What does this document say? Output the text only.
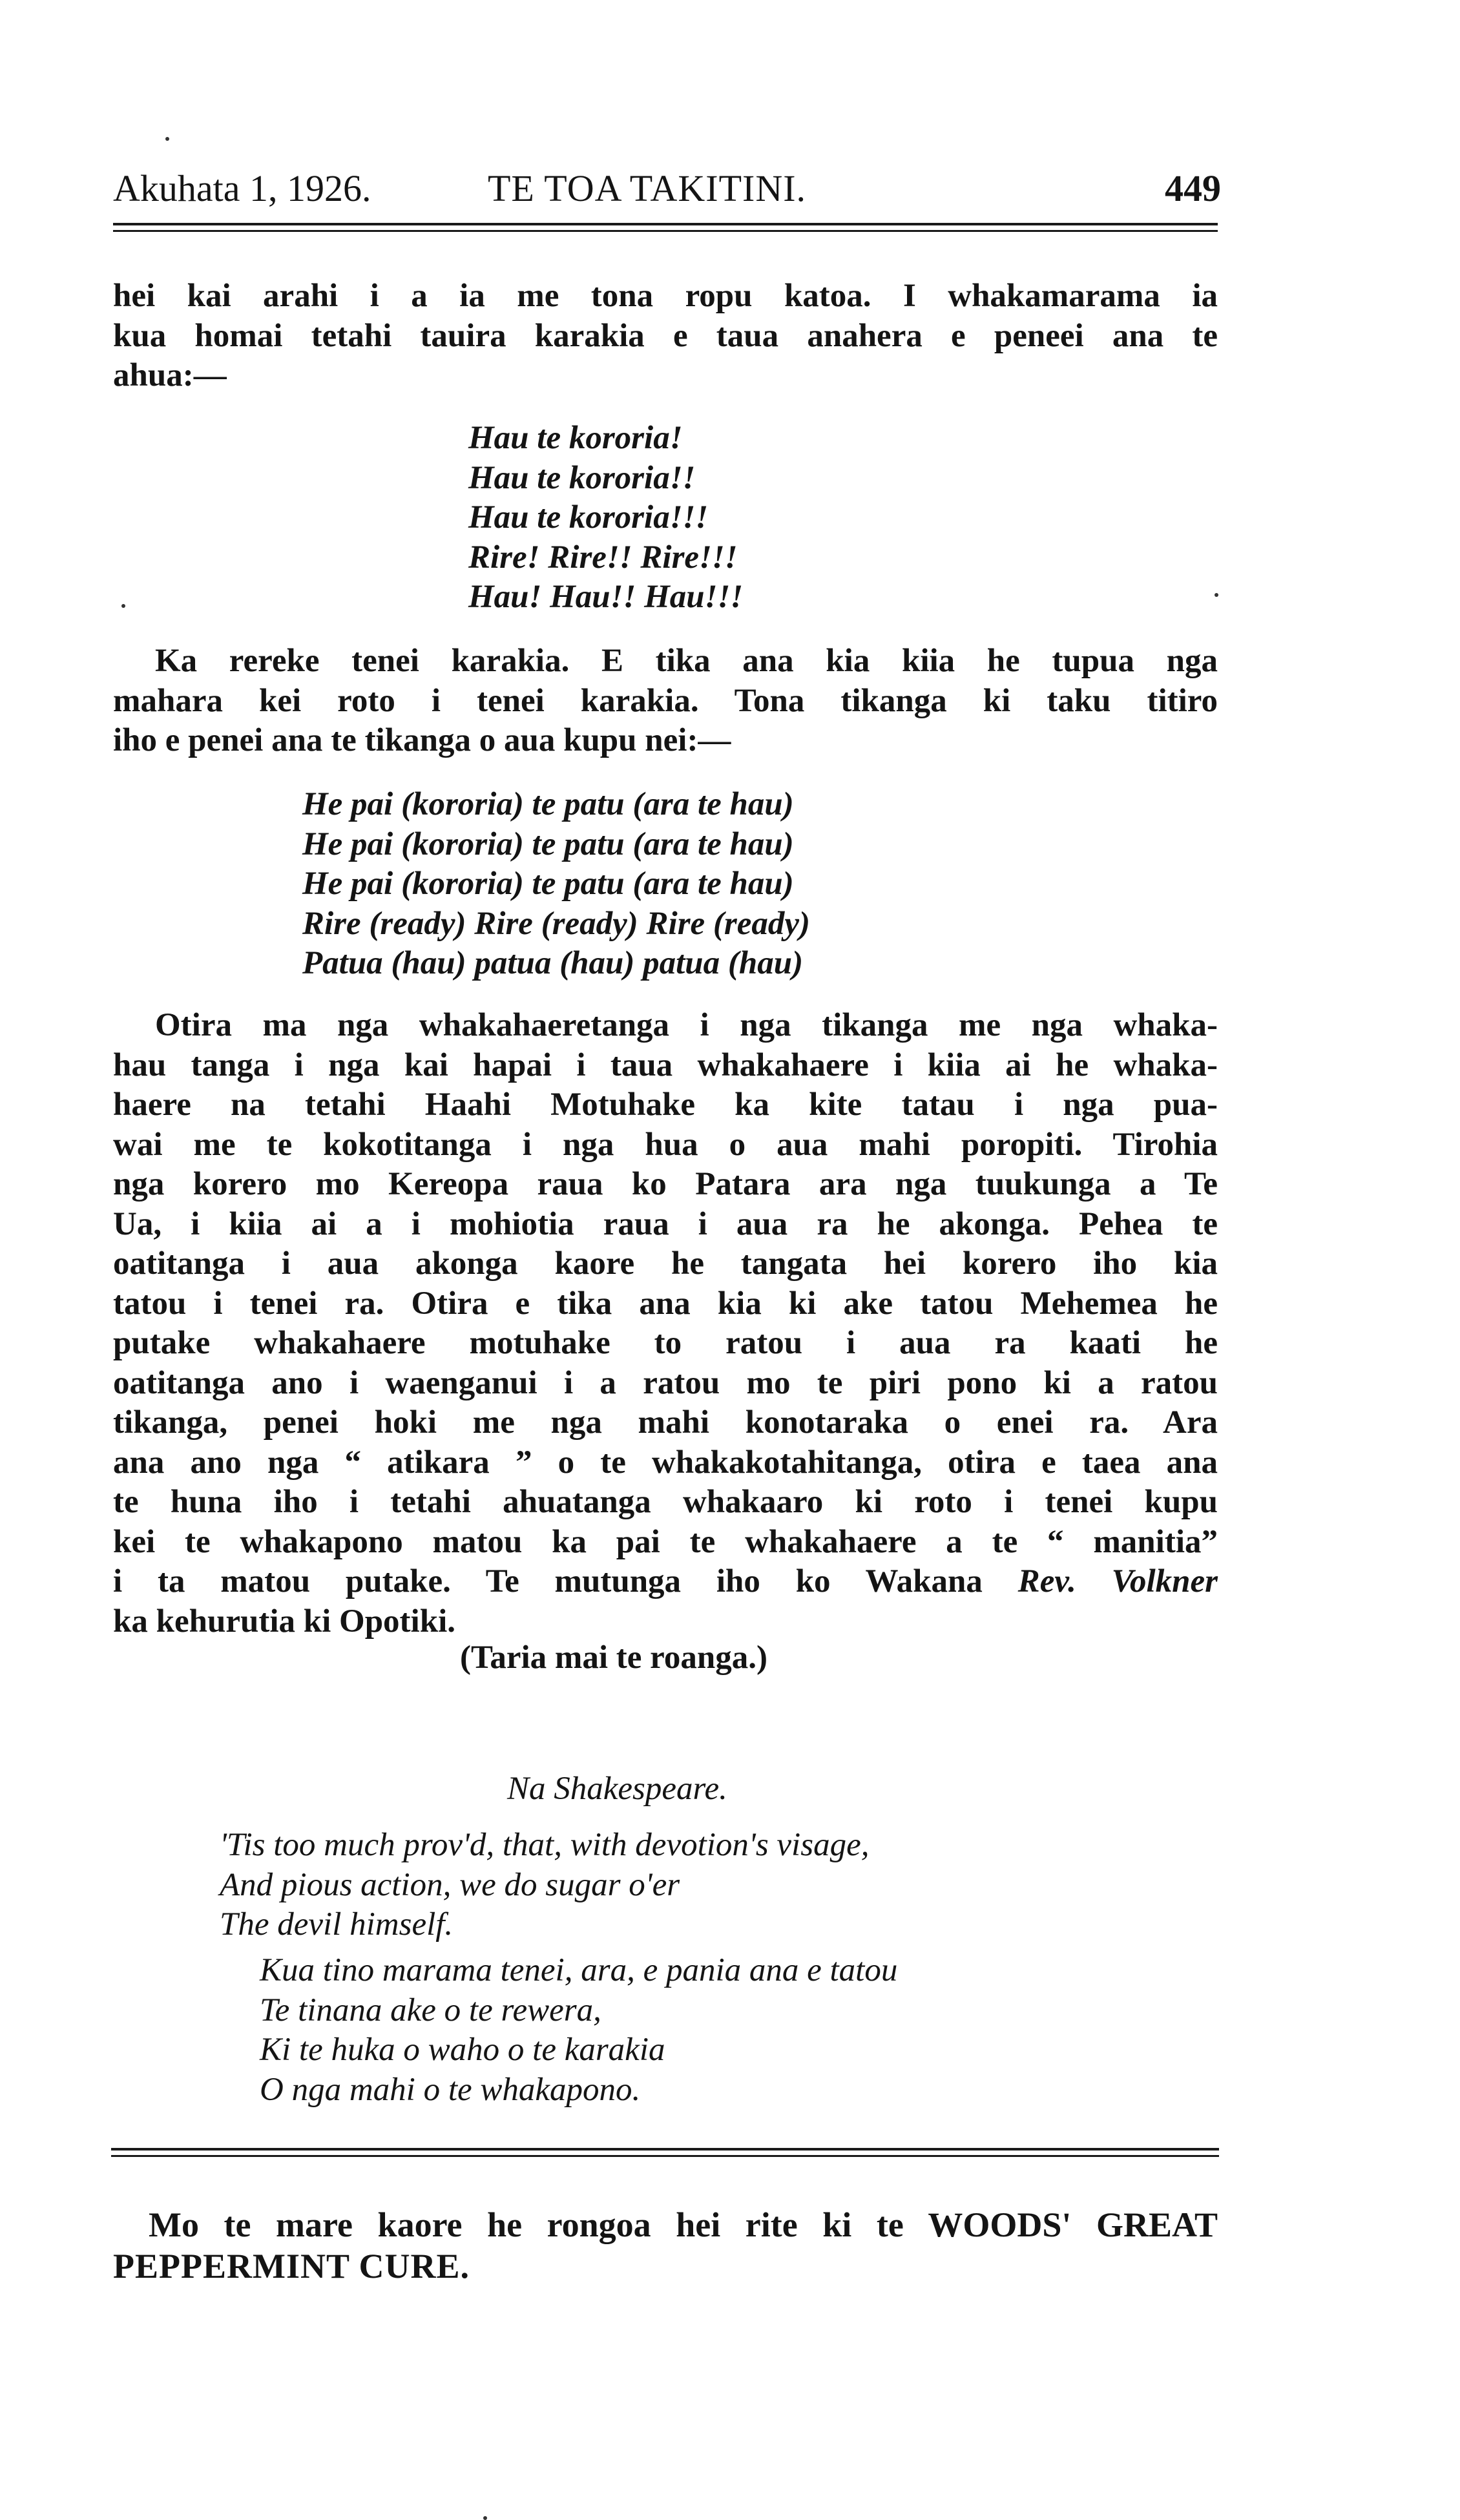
Akuhata 1, 1926.	TE TOA TAKITINI.	449
hei kai arahi i a ia me tona ropu katoa. I whakamarama ia
kua homai tetahi tauira karakia e taua anahera e peneei ana te
ahua:—
Hau te kororia!
Hau te kororia!!
Hau te kororia!!!
Rire! Rire!! Rire!!!
Hau! Hau!! Hau!!!
Ka rereke tenei karakia. E tika ana kia kiia he tupua nga
mahara kei roto i tenei karakia. Tona tikanga ki taku titiro
iho e penei ana te tikanga o aua kupu nei:—
He pai (kororia) te patu (ara te hau)
He pai (kororia) te patu (ara te hau)
He pai (kororia) te patu (ara te hau)
Rire (ready) Rire (ready) Rire (ready)
Patua (hau) patua (hau) patua (hau)
Otira ma nga whakahaeretanga i nga tikanga me nga whaka-
hau tanga i nga kai hapai i taua whakahaere i kiia ai he whaka-
haere na tetahi Haahi Motuhake ka kite tatau i nga pua-
wai me te kokotitanga i nga hua o aua mahi poropiti. Tirohia
nga korero mo Kereopa raua ko Patara ara nga tuukunga a Te
Ua, i kiia ai a i mohiotia raua i aua ra he akonga. Pehea te
oatitanga i aua akonga kaore he tangata hei korero iho kia
tatou i tenei ra. Otira e tika ana kia ki ake tatou Mehemea he
putake whakahaere motuhake to ratou i aua ra kaati he
oatitanga ano i waenganui i a ratou mo te piri pono ki a ratou
tikanga, penei hoki me nga mahi konotaraka o enei ra. Ara
ana ano nga “ atikara ” o te whakakotahitanga, otira e taea ana
te huna iho i tetahi ahuatanga whakaaro ki roto i tenei kupu
kei te whakapono matou ka pai te whakahaere a te “ manitia”
i ta matou putake. Te mutunga iho ko Wakana Rev. Volkner
ka kehurutia ki Opotiki.
(Taria mai te roanga.)
Na Shakespeare.
'Tis too much prov'd, that, with devotion's visage,
And pious action, we do sugar o'er
The devil himself.
Kua tino marama tenei, ara, e pania ana e tatou
Te tinana ake o te rewera,
Ki te huka o waho o te karakia
O nga mahi o te whakapono.
Mo te mare kaore he rongoa hei rite ki te WOODS' GREAT
PEPPERMINT CURE.
